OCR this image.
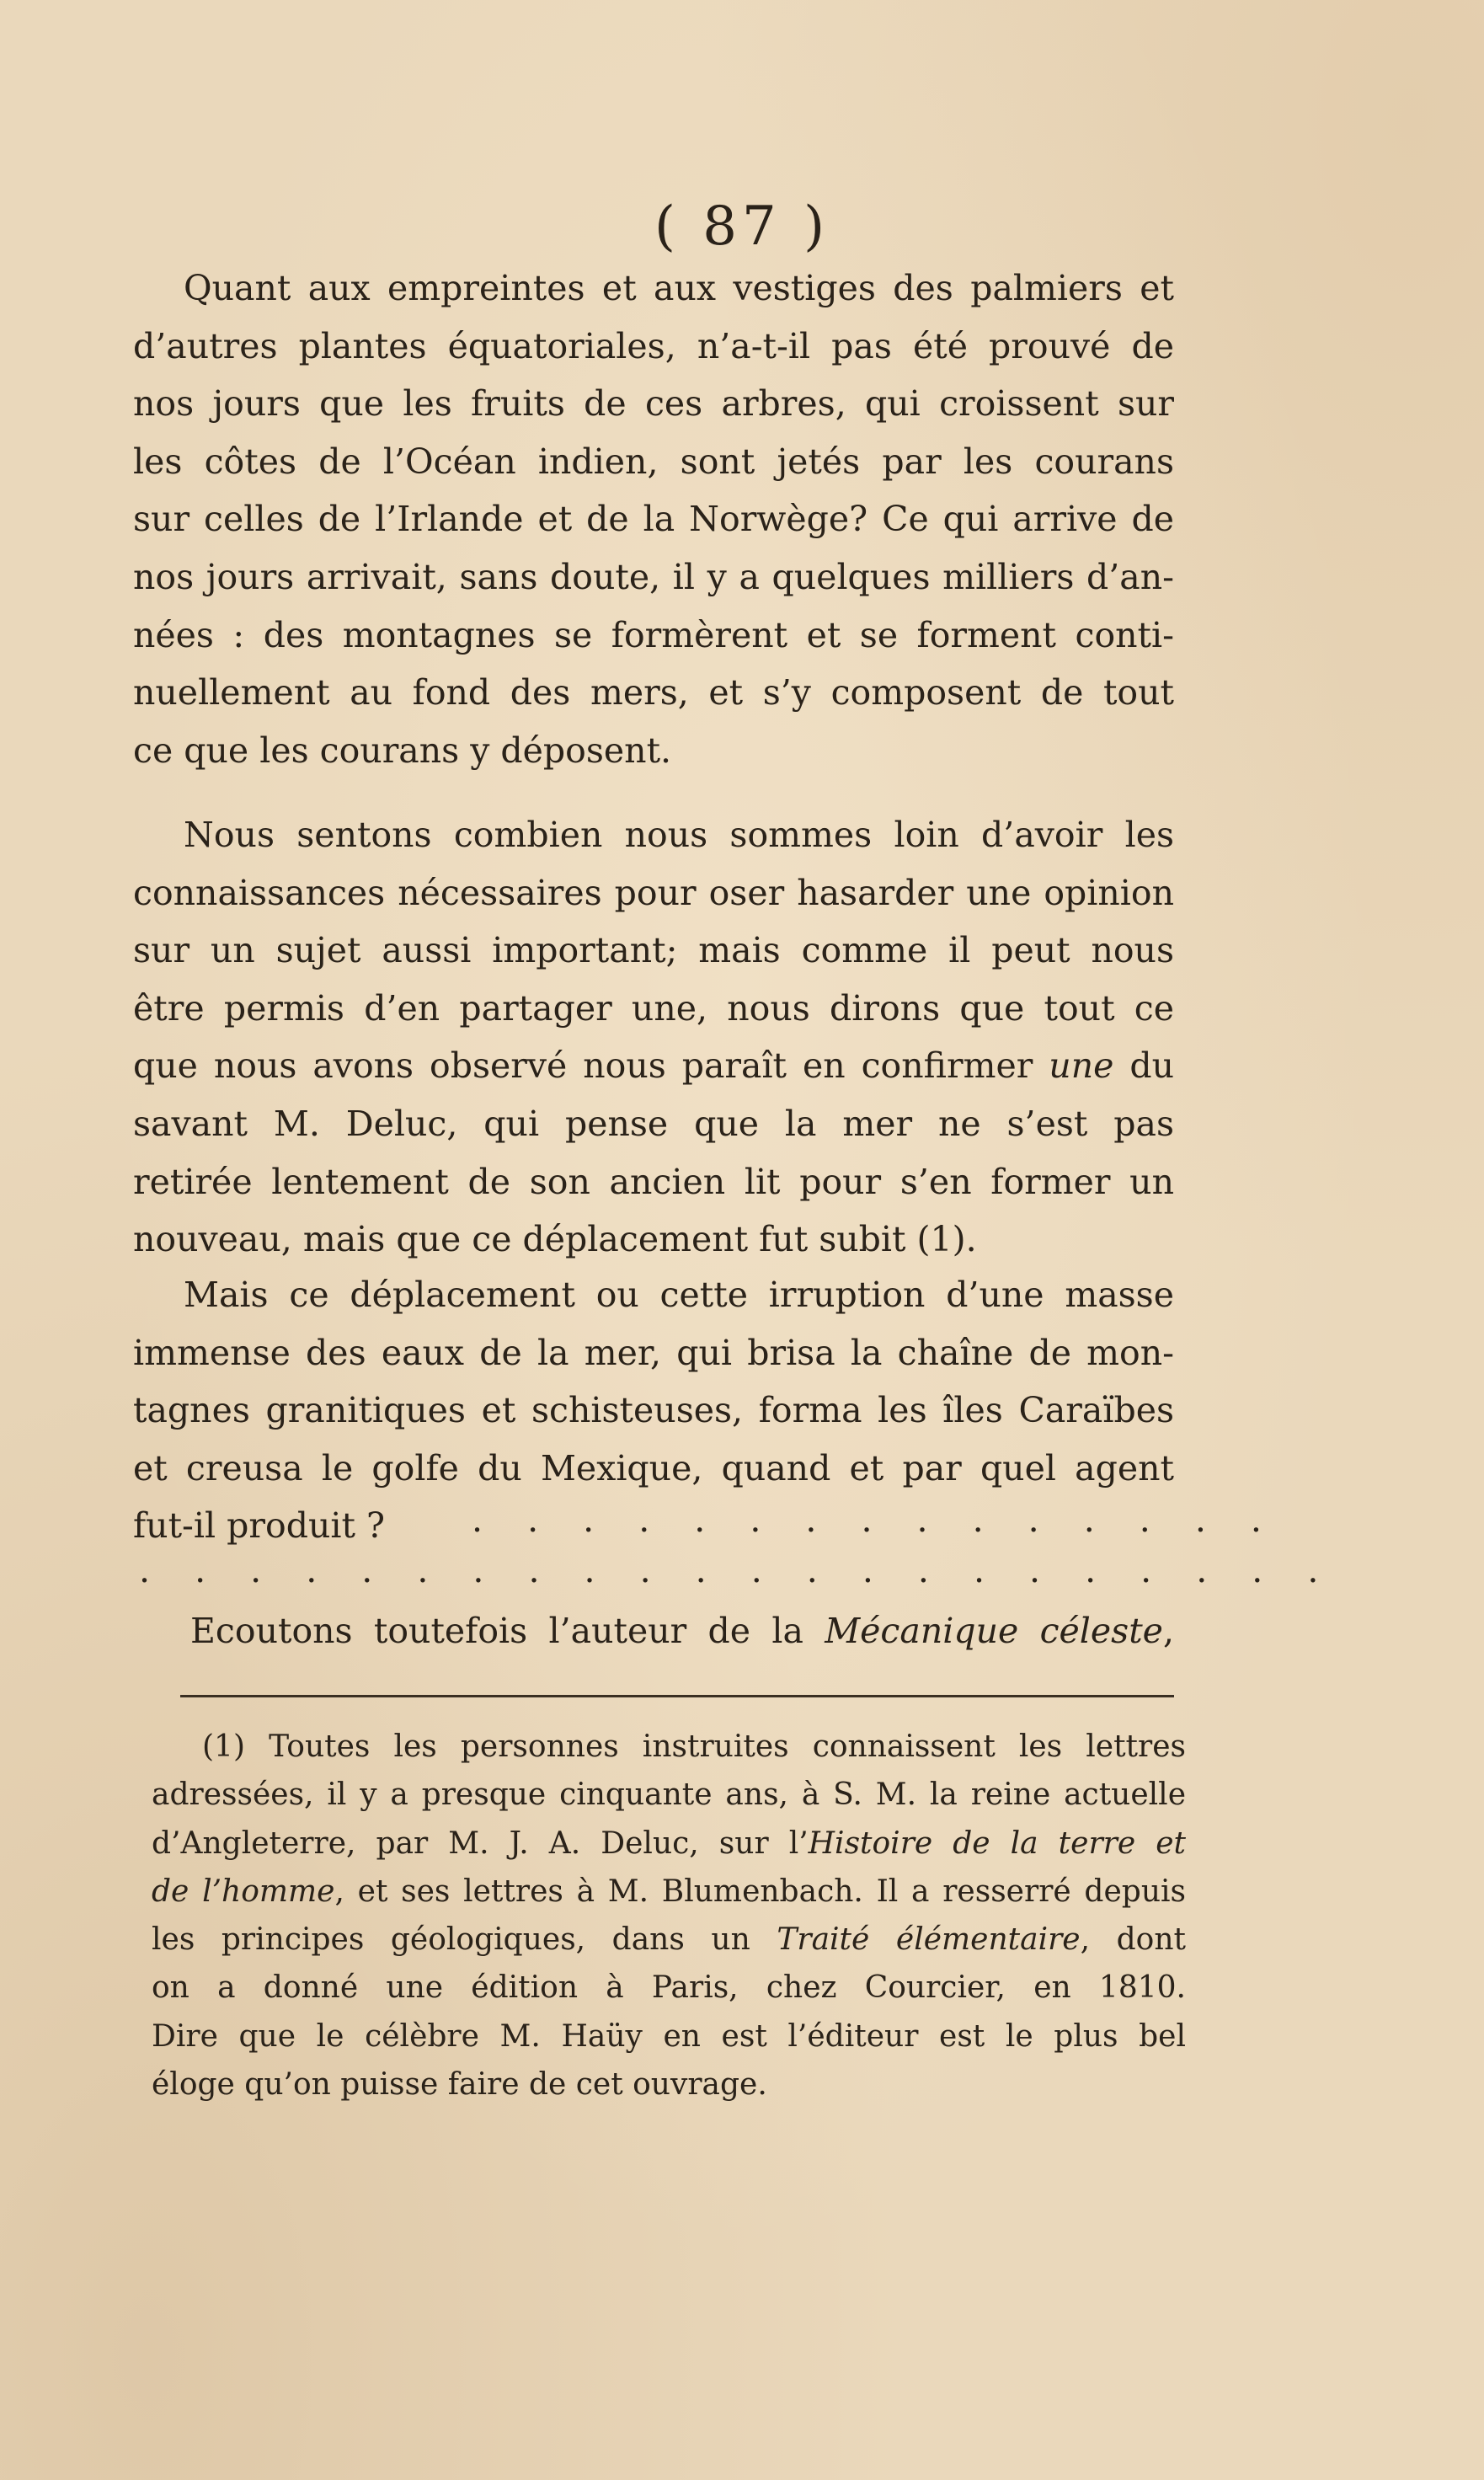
( 87 )

Quant aux empreintes et aux vestiges des palmiers et

d’autres plantes équatoriales, n’a-t-il pas été prouvé de

nos jours que les fruits de ces arbres, qui croissent sur

les côtes de l’Océan indien, sont jetés par les courans

sur celles de l’Irlande et de la Norwège? Ce qui arrive de

nos jours arrivait, sans doute, il y a quelques milliers d’an-

nées : des montagnes se formèrent et se forment conti-

nuellement au fond des mers, et s’y composent de tout

ce que les courans y déposent.

Nous sentons combien nous sommes loin d’avoir les

connaissances nécessaires pour oser hasarder une opinion

sur un sujet aussi important; mais comme il peut nous

être permis d’en partager une, nous dirons que tout ce

que nous avons observé nous paraît en confirmer une du

savant M. Deluc, qui pense que la mer ne s’est pas

retirée lentement de son ancien lit pour s’en former un

nouveau, mais que ce déplacement fut subit (1).

Mais ce déplacement ou cette irruption d’une masse

immense des eaux de la mer, qui brisa la chaîne de mon-

tagnes granitiques et schisteuses, forma les îles Caraïbes

et creusa le golfe du Mexique, quand et par quel agent

fut-il produit ?	. . . . . . . . . . . . . . .
. . . . . . . . . . . . . . . . . . . . . .
Ecoutons toutefois l’auteur de la Mécanique céleste,

(1) Toutes les personnes instruites connaissent les lettres

adressées, il y a presque cinquante ans, à S. M. la reine actuelle

d’Angleterre, par M. J. A. Deluc, sur l’Histoire de la terre et

de l’homme, et ses lettres à M. Blumenbach. Il a resserré depuis

les principes géologiques, dans un Traité élémentaire, dont

on a donné une édition à Paris, chez Courcier, en 1810.

Dire que le célèbre M. Haüy en est l’éditeur est le plus bel

éloge qu’on puisse faire de cet ouvrage.
